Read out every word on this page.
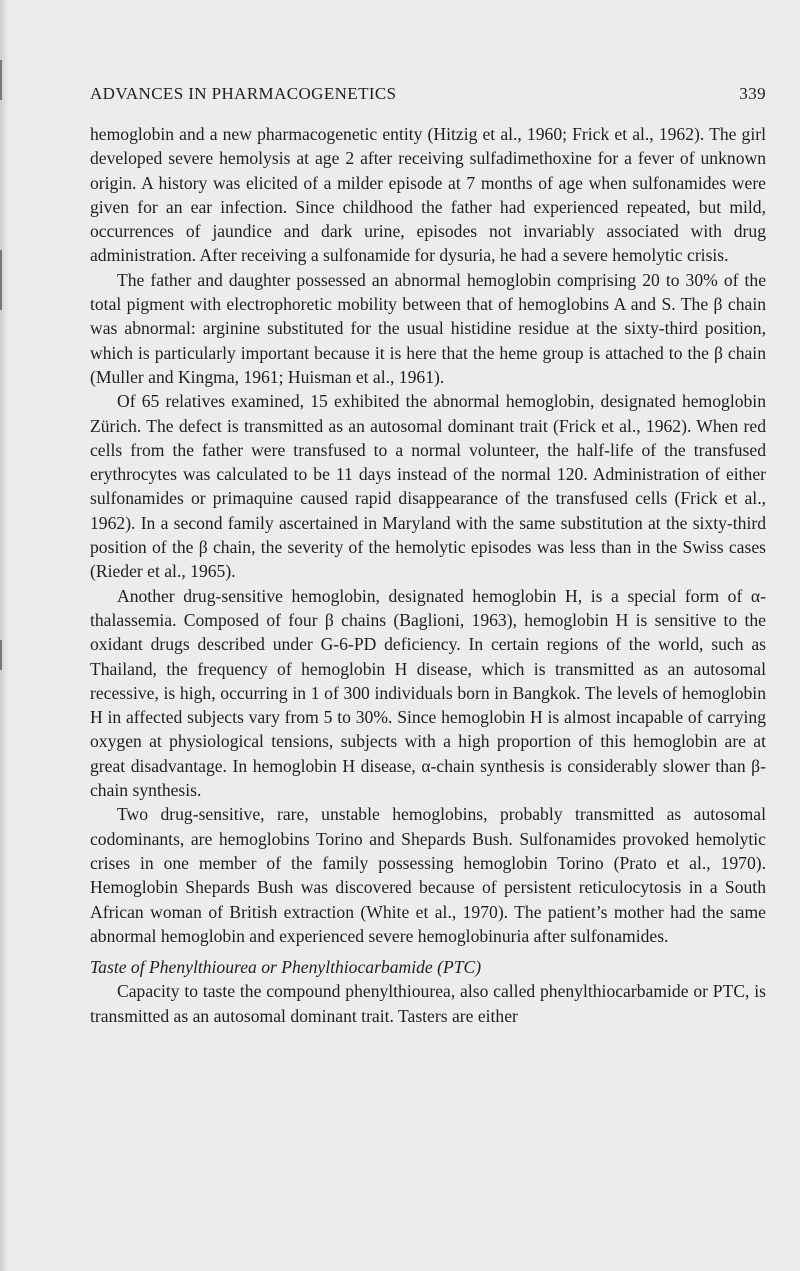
ADVANCES IN PHARMACOGENETICS	339

hemoglobin and a new pharmacogenetic entity (Hitzig et al., 1960; Frick et al., 1962). The girl developed severe hemolysis at age 2 after receiving sulfadimethoxine for a fever of unknown origin. A history was elicited of a milder episode at 7 months of age when sulfonamides were given for an ear infection. Since childhood the father had experienced repeated, but mild, occurrences of jaundice and dark urine, episodes not invariably associated with drug administration. After receiving a sulfonamide for dysuria, he had a severe hemolytic crisis.

The father and daughter possessed an abnormal hemoglobin comprising 20 to 30% of the total pigment with electrophoretic mobility between that of hemoglobins A and S. The β chain was abnormal: arginine substituted for the usual histidine residue at the sixty-third position, which is particularly important because it is here that the heme group is attached to the β chain (Muller and Kingma, 1961; Huisman et al., 1961).

Of 65 relatives examined, 15 exhibited the abnormal hemoglobin, designated hemoglobin Zürich. The defect is transmitted as an autosomal dominant trait (Frick et al., 1962). When red cells from the father were transfused to a normal volunteer, the half-life of the transfused erythrocytes was calculated to be 11 days instead of the normal 120. Administration of either sulfonamides or primaquine caused rapid disappearance of the transfused cells (Frick et al., 1962). In a second family ascertained in Maryland with the same substitution at the sixty-third position of the β chain, the severity of the hemolytic episodes was less than in the Swiss cases (Rieder et al., 1965).

Another drug-sensitive hemoglobin, designated hemoglobin H, is a special form of α-thalassemia. Composed of four β chains (Baglioni, 1963), hemoglobin H is sensitive to the oxidant drugs described under G-6-PD deficiency. In certain regions of the world, such as Thailand, the frequency of hemoglobin H disease, which is transmitted as an autosomal recessive, is high, occurring in 1 of 300 individuals born in Bangkok. The levels of hemoglobin H in affected subjects vary from 5 to 30%. Since hemoglobin H is almost incapable of carrying oxygen at physiological tensions, subjects with a high proportion of this hemoglobin are at great disadvantage. In hemoglobin H disease, α-chain synthesis is considerably slower than β-chain synthesis.

Two drug-sensitive, rare, unstable hemoglobins, probably transmitted as autosomal codominants, are hemoglobins Torino and Shepards Bush. Sulfonamides provoked hemolytic crises in one member of the family possessing hemoglobin Torino (Prato et al., 1970). Hemoglobin Shepards Bush was discovered because of persistent reticulocytosis in a South African woman of British extraction (White et al., 1970). The patient’s mother had the same abnormal hemoglobin and experienced severe hemoglobinuria after sulfonamides.

Taste of Phenylthiourea or Phenylthiocarbamide (PTC)

Capacity to taste the compound phenylthiourea, also called phenylthiocarbamide or PTC, is transmitted as an autosomal dominant trait. Tasters are either
